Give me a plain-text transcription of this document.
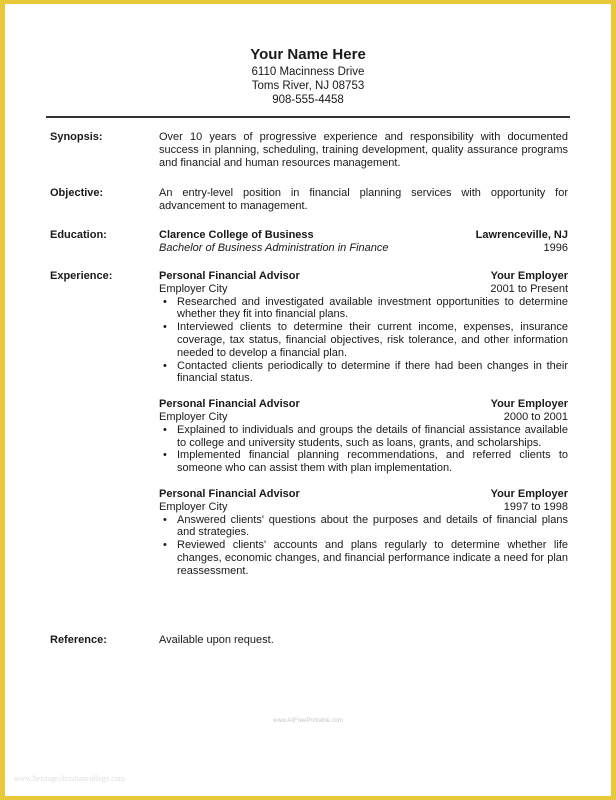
Your Name Here
6110 Macinness Drive
Toms River, NJ 08753
908-555-4458
Synopsis:	Over 10 years of progressive experience and responsibility with documented success in planning, scheduling, training development, quality assurance programs and financial and human resources management.
Objective:	An entry-level position in financial planning services with opportunity for advancement to management.
Education:	Clarence College of Business	Lawrenceville, NJ
Bachelor of Business Administration in Finance	1996
Experience:	Personal Financial Advisor	Your Employer
Employer City	2001 to Present
• Researched and investigated available investment opportunities to determine whether they fit into financial plans.
• Interviewed clients to determine their current income, expenses, insurance coverage, tax status, financial objectives, risk tolerance, and other information needed to develop a financial plan.
• Contacted clients periodically to determine if there had been changes in their financial status.
Personal Financial Advisor	Your Employer
Employer City	2000 to 2001
• Explained to individuals and groups the details of financial assistance available to college and university students, such as loans, grants, and scholarships.
• Implemented financial planning recommendations, and referred clients to someone who can assist them with plan implementation.
Personal Financial Advisor	Your Employer
Employer City	1997 to 1998
• Answered clients' questions about the purposes and details of financial plans and strategies.
• Reviewed clients' accounts and plans regularly to determine whether life changes, economic changes, and financial performance indicate a need for plan reassessment.
Reference:	Available upon request.
www.AllFreePrintable.com
www.heritagechristiancollege.com
